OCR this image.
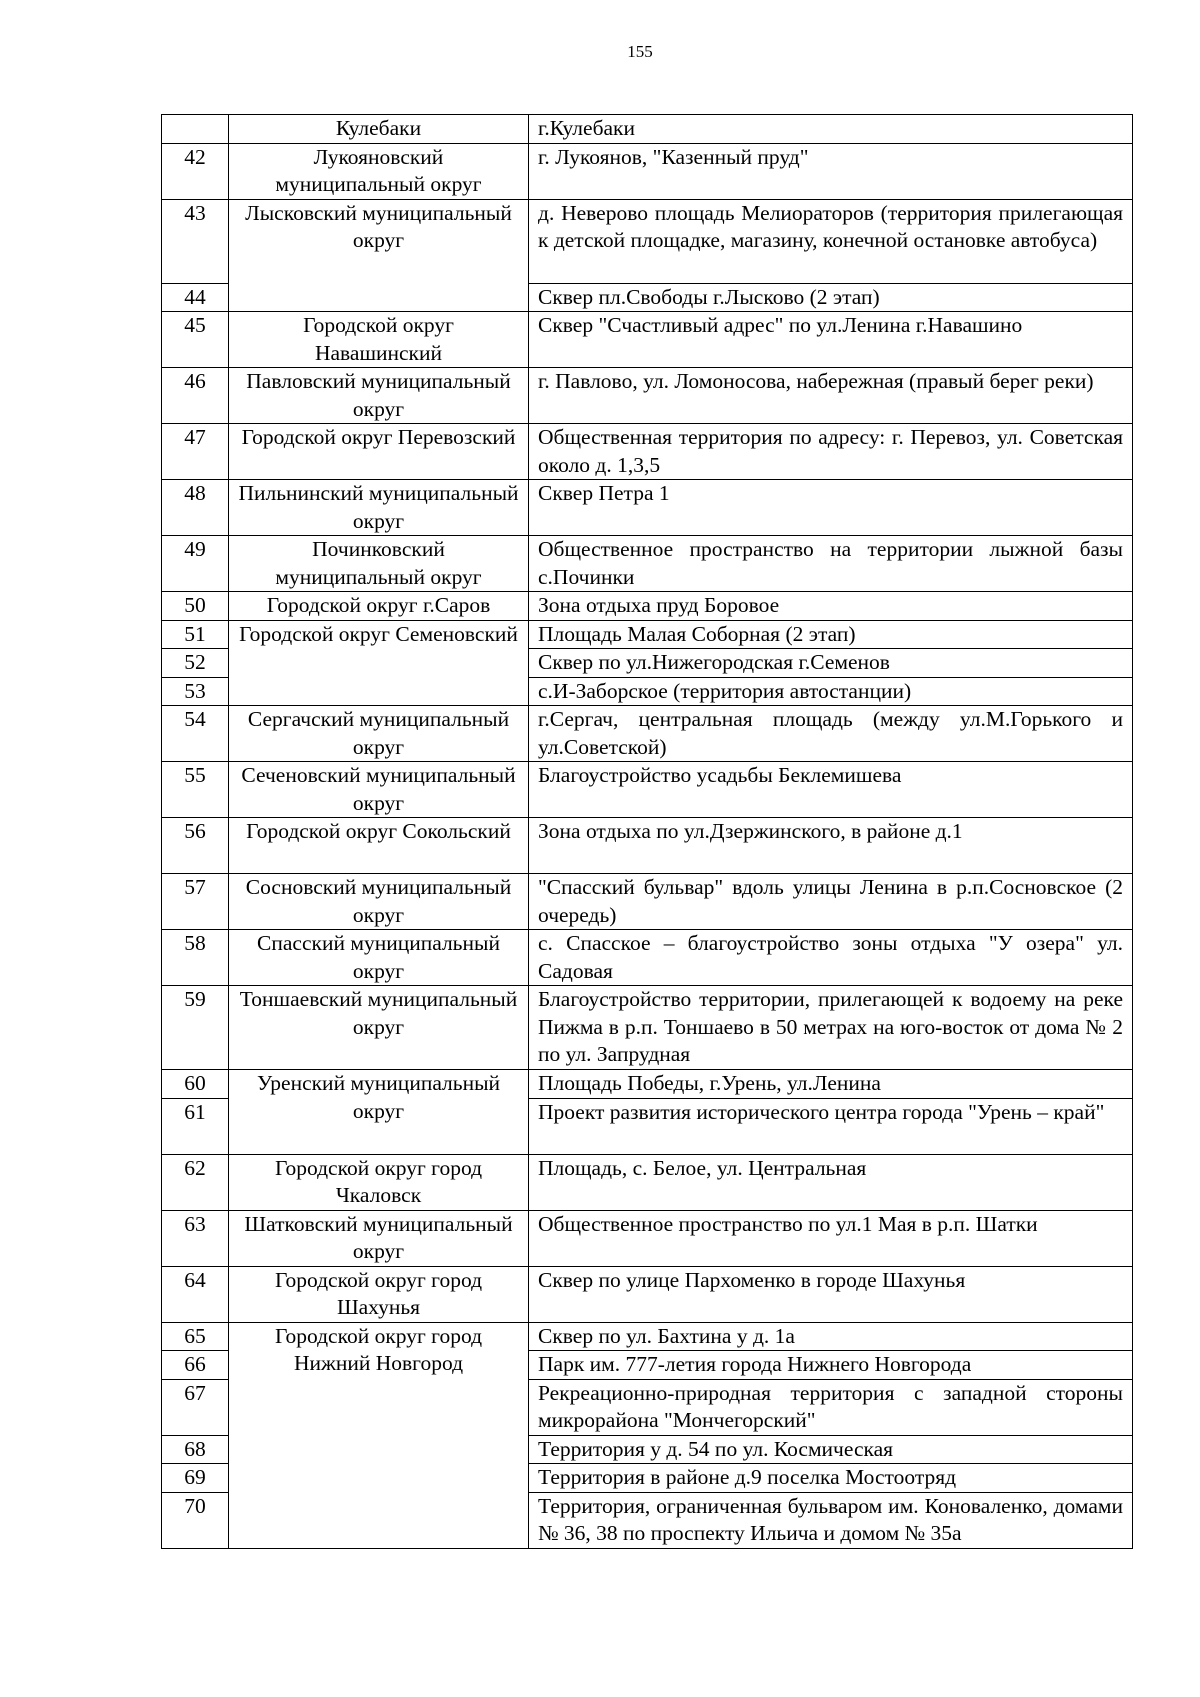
155
	Кулебаки	г.Кулебаки
42	Лукояновский муниципальный округ	г. Лукоянов, "Казенный пруд"
43	Лысковский муниципальный округ	д. Неверово площадь Мелиораторов (территория прилегающая к детской площадке, магазину, конечной остановке автобуса)
44		Сквер пл.Свободы г.Лысково (2 этап)
45	Городской округ Навашинский	Сквер "Счастливый адрес" по ул.Ленина г.Навашино
46	Павловский муниципальный округ	г. Павлово, ул. Ломоносова, набережная (правый берег реки)
47	Городской округ Перевозский	Общественная территория по адресу: г. Перевоз, ул. Советская около д. 1,3,5
48	Пильнинский муниципальный округ	Сквер Петра 1
49	Починковский муниципальный округ	Общественное пространство на территории лыжной базы с.Починки
50	Городской округ г.Саров	Зона отдыха пруд Боровое
51	Городской округ Семеновский	Площадь Малая Соборная (2 этап)
52		Сквер по ул.Нижегородская г.Семенов
53		с.И-Заборское (территория автостанции)
54	Сергачский муниципальный округ	г.Сергач, центральная площадь (между ул.М.Горького и ул.Советской)
55	Сеченовский муниципальный округ	Благоустройство усадьбы Беклемишева
56	Городской округ Сокольский	Зона отдыха по ул.Дзержинского, в районе д.1
57	Сосновский муниципальный округ	"Спасский бульвар" вдоль улицы Ленина в р.п.Сосновское (2 очередь)
58	Спасский муниципальный округ	с. Спасское – благоустройство зоны отдыха "У озера" ул. Садовая
59	Тоншаевский муниципальный округ	Благоустройство территории, прилегающей к водоему на реке Пижма в р.п. Тоншаево в 50 метрах на юго-восток от дома № 2 по ул. Запрудная
60	Уренский муниципальный округ	Площадь Победы, г.Урень, ул.Ленина
61		Проект развития исторического центра города "Урень – край"
62	Городской округ город Чкаловск	Площадь, с. Белое, ул. Центральная
63	Шатковский муниципальный округ	Общественное пространство по ул.1 Мая в р.п. Шатки
64	Городской округ город Шахунья	Сквер по улице Пархоменко в городе Шахунья
65	Городской округ город Нижний Новгород	Сквер по ул. Бахтина у д. 1а
66		Парк им. 777-летия города Нижнего Новгорода
67		Рекреационно-природная территория с западной стороны микрорайона "Мончегорский"
68		Территория у д. 54 по ул. Космическая
69		Территория в районе д.9 поселка Мостоотряд
70		Территория, ограниченная бульваром им. Коноваленко, домами № 36, 38 по проспекту Ильича и домом № 35а
